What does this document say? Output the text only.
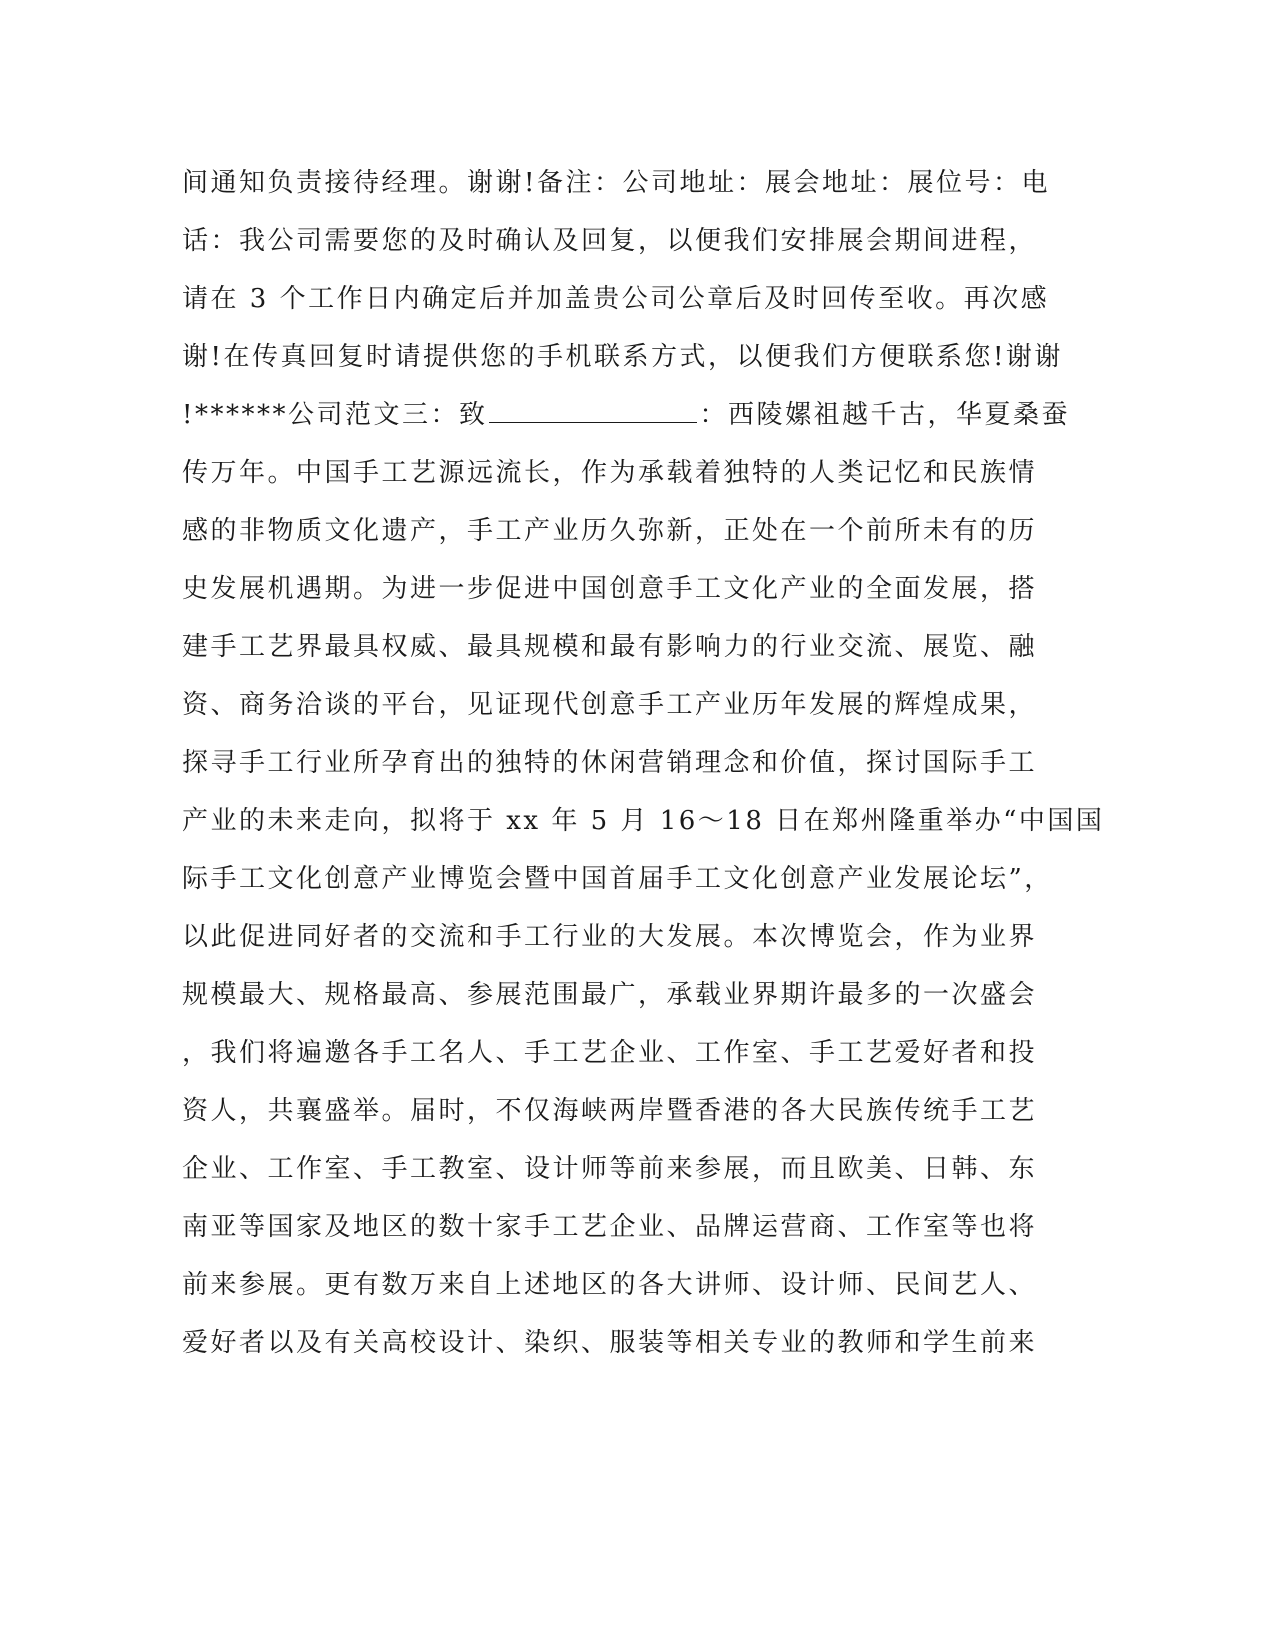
间通知负责接待经理。谢谢!备注：公司地址：展会地址：展位号：电
话：我公司需要您的及时确认及回复，以便我们安排展会期间进程，
请在 3 个工作日内确定后并加盖贵公司公章后及时回传至收。再次感
谢!在传真回复时请提供您的手机联系方式，以便我们方便联系您!谢谢
!******公司范文三：致	：西陵嫘祖越千古，华夏桑蚕
传万年。中国手工艺源远流长，作为承载着独特的人类记忆和民族情
感的非物质文化遗产，手工产业历久弥新，正处在一个前所未有的历
史发展机遇期。为进一步促进中国创意手工文化产业的全面发展，搭
建手工艺界最具权威、最具规模和最有影响力的行业交流、展览、融
资、商务洽谈的平台，见证现代创意手工产业历年发展的辉煌成果，
探寻手工行业所孕育出的独特的休闲营销理念和价值，探讨国际手工
产业的未来走向，拟将于 xx 年 5 月 16～18 日在郑州隆重举办“中国国
际手工文化创意产业博览会暨中国首届手工文化创意产业发展论坛”，
以此促进同好者的交流和手工行业的大发展。本次博览会，作为业界
规模最大、规格最高、参展范围最广，承载业界期许最多的一次盛会
，我们将遍邀各手工名人、手工艺企业、工作室、手工艺爱好者和投
资人，共襄盛举。届时，不仅海峡两岸暨香港的各大民族传统手工艺
企业、工作室、手工教室、设计师等前来参展，而且欧美、日韩、东
南亚等国家及地区的数十家手工艺企业、品牌运营商、工作室等也将
前来参展。更有数万来自上述地区的各大讲师、设计师、民间艺人、
爱好者以及有关高校设计、染织、服装等相关专业的教师和学生前来
